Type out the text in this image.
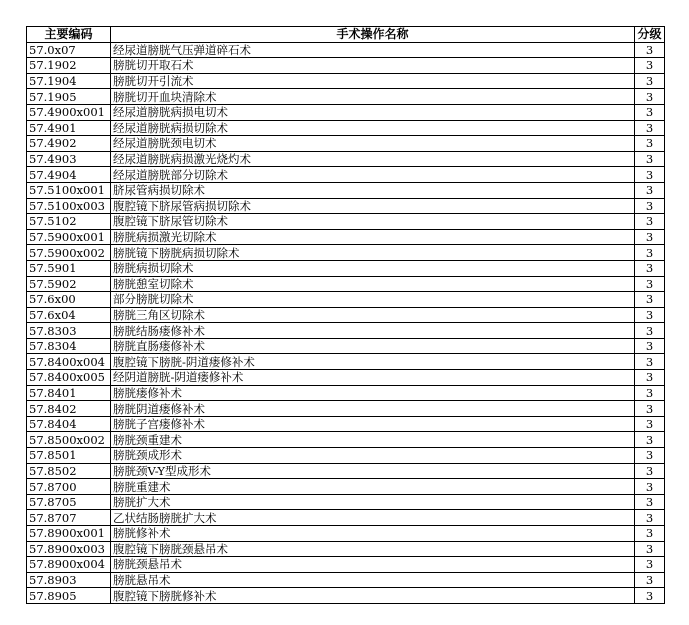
主要编码	手术操作名称	分级
57.0x07	经尿道膀胱气压弹道碎石术	3
57.1902	膀胱切开取石术	3
57.1904	膀胱切开引流术	3
57.1905	膀胱切开血块清除术	3
57.4900x001	经尿道膀胱病损电切术	3
57.4901	经尿道膀胱病损切除术	3
57.4902	经尿道膀胱颈电切术	3
57.4903	经尿道膀胱病损激光烧灼术	3
57.4904	经尿道膀胱部分切除术	3
57.5100x001	脐尿管病损切除术	3
57.5100x003	腹腔镜下脐尿管病损切除术	3
57.5102	腹腔镜下脐尿管切除术	3
57.5900x001	膀胱病损激光切除术	3
57.5900x002	膀胱镜下膀胱病损切除术	3
57.5901	膀胱病损切除术	3
57.5902	膀胱憩室切除术	3
57.6x00	部分膀胱切除术	3
57.6x04	膀胱三角区切除术	3
57.8303	膀胱结肠瘘修补术	3
57.8304	膀胱直肠瘘修补术	3
57.8400x004	腹腔镜下膀胱-阴道瘘修补术	3
57.8400x005	经阴道膀胱-阴道瘘修补术	3
57.8401	膀胱瘘修补术	3
57.8402	膀胱阴道瘘修补术	3
57.8404	膀胱子宫瘘修补术	3
57.8500x002	膀胱颈重建术	3
57.8501	膀胱颈成形术	3
57.8502	膀胱颈V-Y型成形术	3
57.8700	膀胱重建术	3
57.8705	膀胱扩大术	3
57.8707	乙状结肠膀胱扩大术	3
57.8900x001	膀胱修补术	3
57.8900x003	腹腔镜下膀胱颈悬吊术	3
57.8900x004	膀胱颈悬吊术	3
57.8903	膀胱悬吊术	3
57.8905	腹腔镜下膀胱修补术	3
